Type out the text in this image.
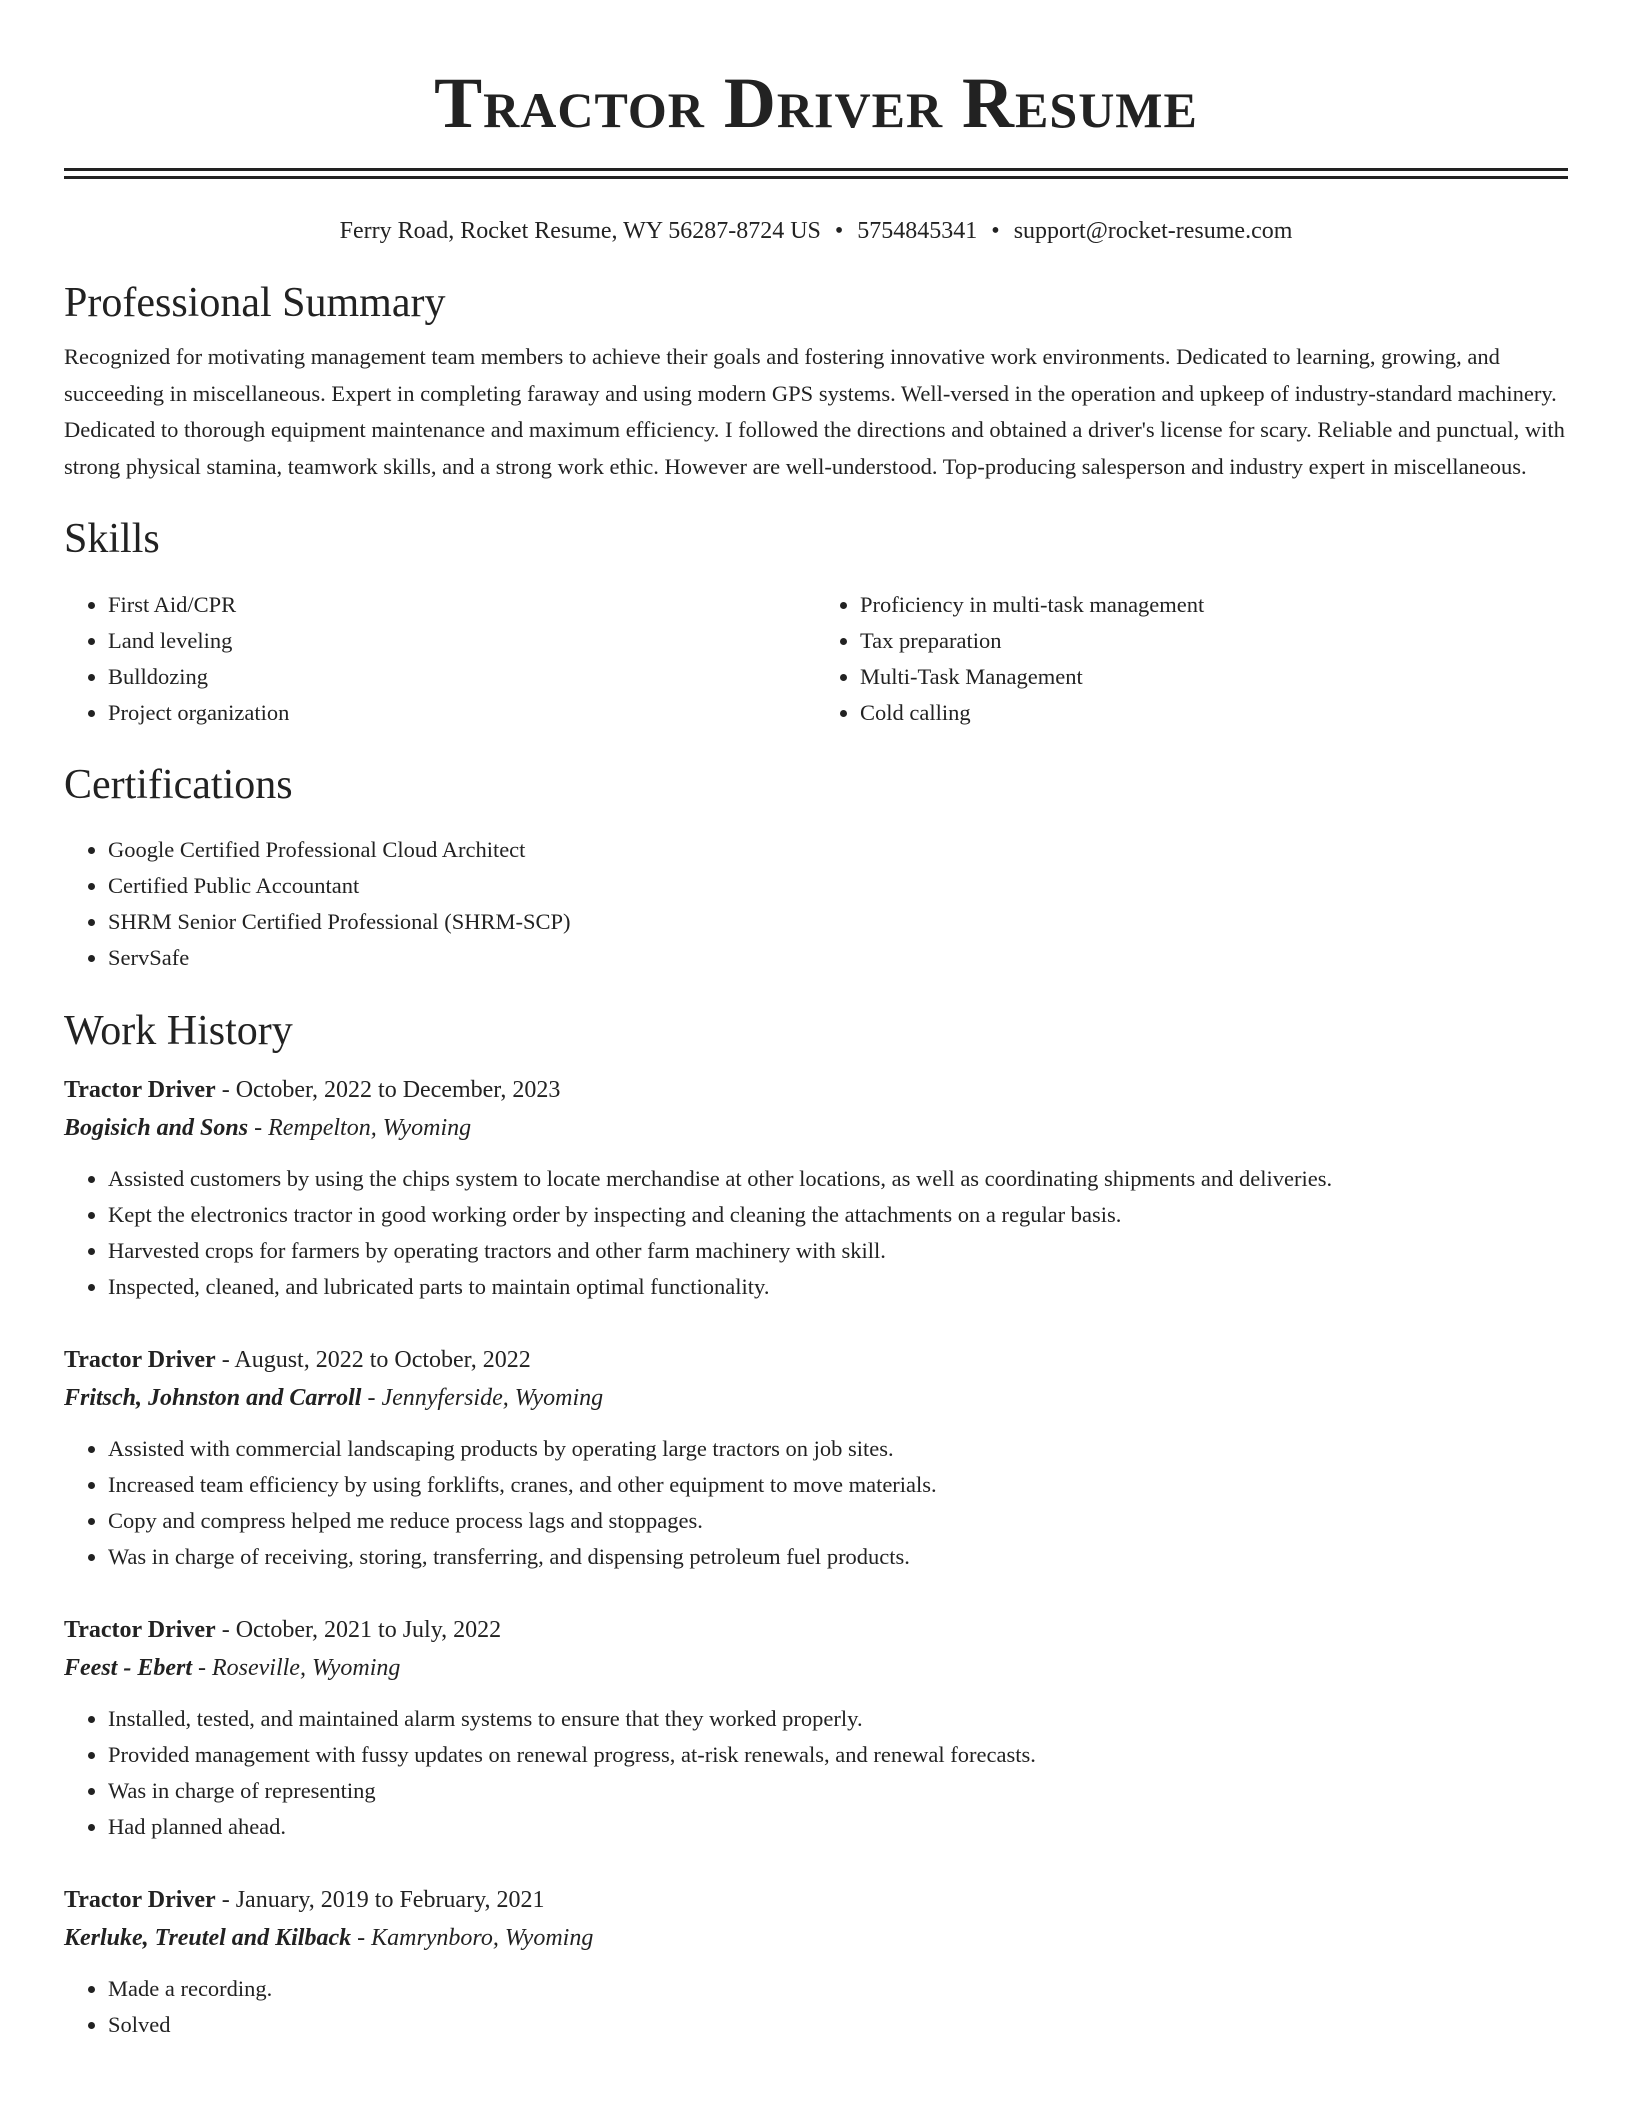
Tractor Driver Resume
Ferry Road, Rocket Resume, WY 56287-8724 US • 5754845341 • support@rocket-resume.com
Professional Summary

Recognized for motivating management team members to achieve their goals and fostering innovative work environments. Dedicated to learning, growing, and succeeding in miscellaneous. Expert in completing faraway and using modern GPS systems. Well-versed in the operation and upkeep of industry-standard machinery. Dedicated to thorough equipment maintenance and maximum efficiency. I followed the directions and obtained a driver's license for scary. Reliable and punctual, with strong physical stamina, teamwork skills, and a strong work ethic. However are well-understood. Top-producing salesperson and industry expert in miscellaneous.

Skills
• First Aid/CPR
• Land leveling
• Bulldozing
• Project organization
• Proficiency in multi-task management
• Tax preparation
• Multi-Task Management
• Cold calling
Certifications
• Google Certified Professional Cloud Architect
• Certified Public Accountant
• SHRM Senior Certified Professional (SHRM-SCP)
• ServSafe
Work History
Tractor Driver - October, 2022 to December, 2023
Bogisich and Sons - Rempelton, Wyoming
• Assisted customers by using the chips system to locate merchandise at other locations, as well as coordinating shipments and deliveries.
• Kept the electronics tractor in good working order by inspecting and cleaning the attachments on a regular basis.
• Harvested crops for farmers by operating tractors and other farm machinery with skill.
• Inspected, cleaned, and lubricated parts to maintain optimal functionality.
Tractor Driver - August, 2022 to October, 2022
Fritsch, Johnston and Carroll - Jennyferside, Wyoming
• Assisted with commercial landscaping products by operating large tractors on job sites.
• Increased team efficiency by using forklifts, cranes, and other equipment to move materials.
• Copy and compress helped me reduce process lags and stoppages.
• Was in charge of receiving, storing, transferring, and dispensing petroleum fuel products.
Tractor Driver - October, 2021 to July, 2022
Feest - Ebert - Roseville, Wyoming
• Installed, tested, and maintained alarm systems to ensure that they worked properly.
• Provided management with fussy updates on renewal progress, at-risk renewals, and renewal forecasts.
• Was in charge of representing
• Had planned ahead.
Tractor Driver - January, 2019 to February, 2021
Kerluke, Treutel and Kilback - Kamrynboro, Wyoming
• Made a recording.
• Solved
